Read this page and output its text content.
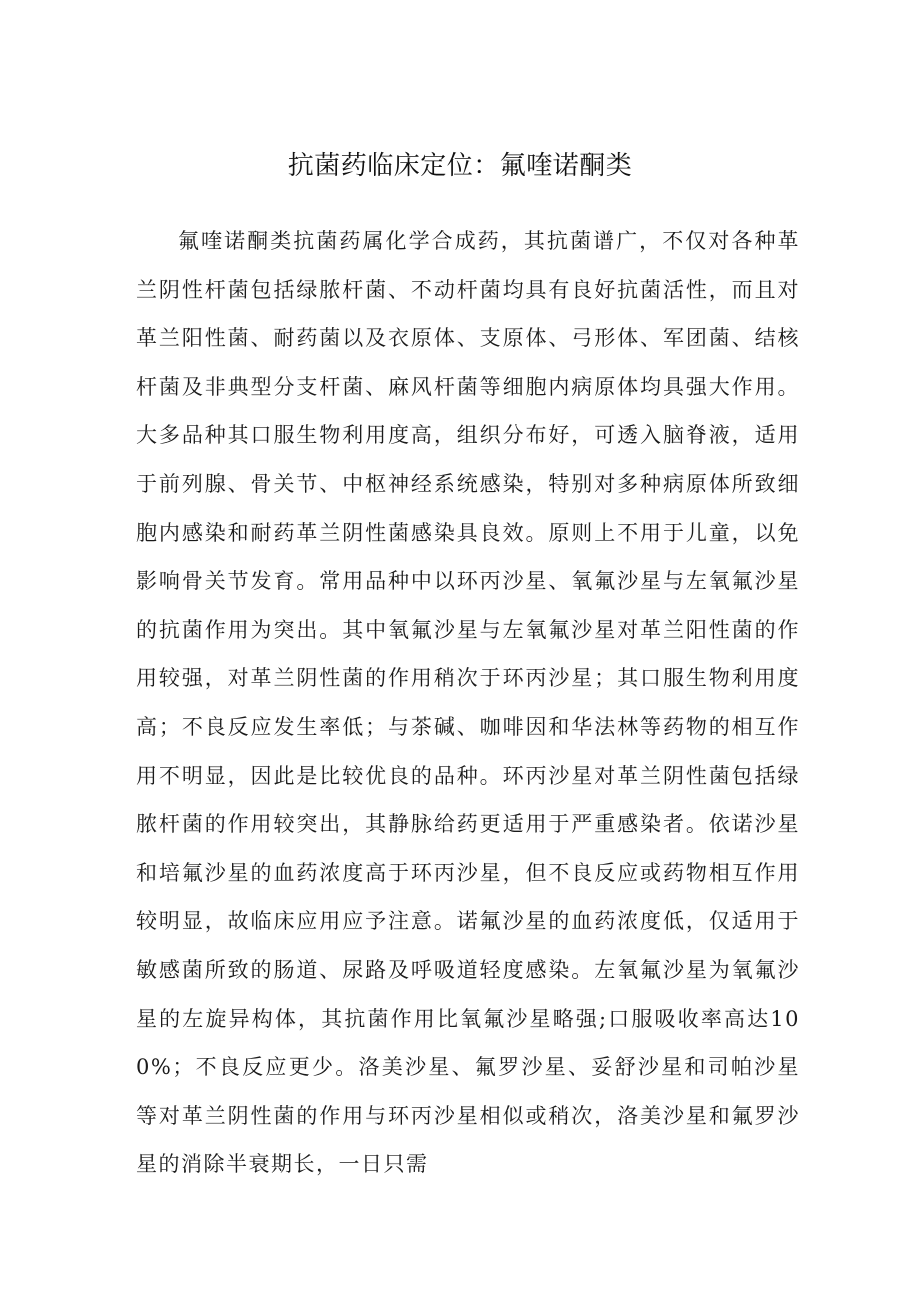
抗菌药临床定位：氟喹诺酮类

氟喹诺酮类抗菌药属化学合成药，其抗菌谱广，不仅对各种革兰阴性杆菌包括绿脓杆菌、不动杆菌均具有良好抗菌活性，而且对革兰阳性菌、耐药菌以及衣原体、支原体、弓形体、军团菌、结核杆菌及非典型分支杆菌、麻风杆菌等细胞内病原体均具强大作用。大多品种其口服生物利用度高，组织分布好，可透入脑脊液，适用于前列腺、骨关节、中枢神经系统感染，特别对多种病原体所致细胞内感染和耐药革兰阴性菌感染具良效。原则上不用于儿童，以免影响骨关节发育。常用品种中以环丙沙星、氧氟沙星与左氧氟沙星的抗菌作用为突出。其中氧氟沙星与左氧氟沙星对革兰阳性菌的作用较强，对革兰阴性菌的作用稍次于环丙沙星；其口服生物利用度高；不良反应发生率低；与茶碱、咖啡因和华法林等药物的相互作用不明显，因此是比较优良的品种。环丙沙星对革兰阴性菌包括绿脓杆菌的作用较突出，其静脉给药更适用于严重感染者。依诺沙星和培氟沙星的血药浓度高于环丙沙星，但不良反应或药物相互作用较明显，故临床应用应予注意。诺氟沙星的血药浓度低，仅适用于敏感菌所致的肠道、尿路及呼吸道轻度感染。左氧氟沙星为氧氟沙星的左旋异构体，其抗菌作用比氧氟沙星略强;口服吸收率高达100%；不良反应更少。洛美沙星、氟罗沙星、妥舒沙星和司帕沙星等对革兰阴性菌的作用与环丙沙星相似或稍次，洛美沙星和氟罗沙星的消除半衰期长，一日只需
